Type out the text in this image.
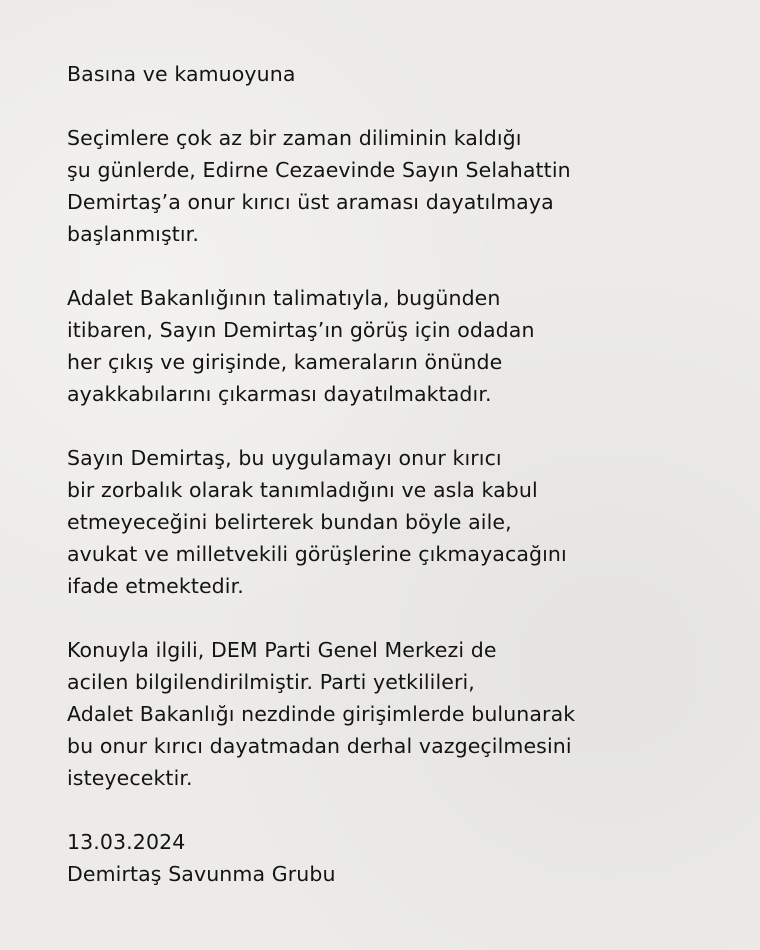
Basına ve kamuoyuna

Seçimlere çok az bir zaman diliminin kaldığı
şu günlerde, Edirne Cezaevinde Sayın Selahattin
Demirtaş’a onur kırıcı üst araması dayatılmaya
başlanmıştır.

Adalet Bakanlığının talimatıyla, bugünden
itibaren, Sayın Demirtaş’ın görüş için odadan
her çıkış ve girişinde, kameraların önünde
ayakkabılarını çıkarması dayatılmaktadır.

Sayın Demirtaş, bu uygulamayı onur kırıcı
bir zorbalık olarak tanımladığını ve asla kabul
etmeyeceğini belirterek bundan böyle aile,
avukat ve milletvekili görüşlerine çıkmayacağını
ifade etmektedir.

Konuyla ilgili, DEM Parti Genel Merkezi de
acilen bilgilendirilmiştir. Parti yetkilileri,
Adalet Bakanlığı nezdinde girişimlerde bulunarak
bu onur kırıcı dayatmadan derhal vazgeçilmesini
isteyecektir.

13.03.2024
Demirtaş Savunma Grubu
